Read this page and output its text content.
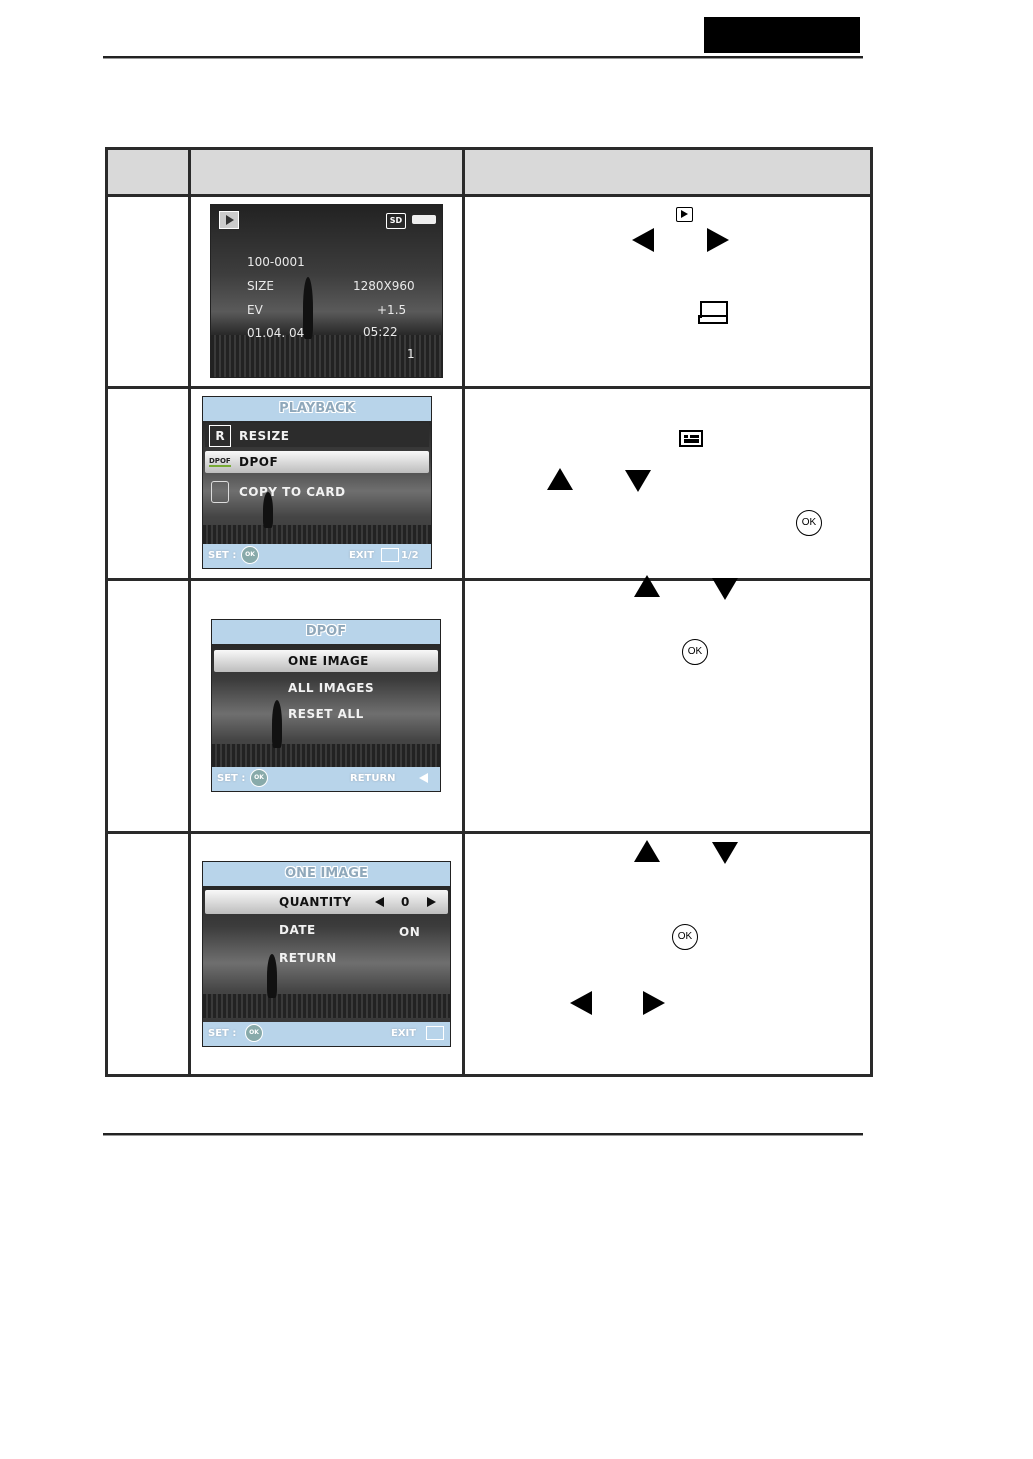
SD
100-0001
SIZE	1280X960
EV	+1.5
01.04. 04	05:22
1
PLAYBACK
R	RESIZE
DPOF DPOF
COPY TO CARD
SET :	OK	EXIT	1/2
DPOF
ONE IMAGE
ALL IMAGES
RESET ALL
SET :	OK	RETURN
ONE IMAGE
QUANTITY	0
DATE	ON
RETURN
SET :	OK	EXIT
OK
OK
OK
